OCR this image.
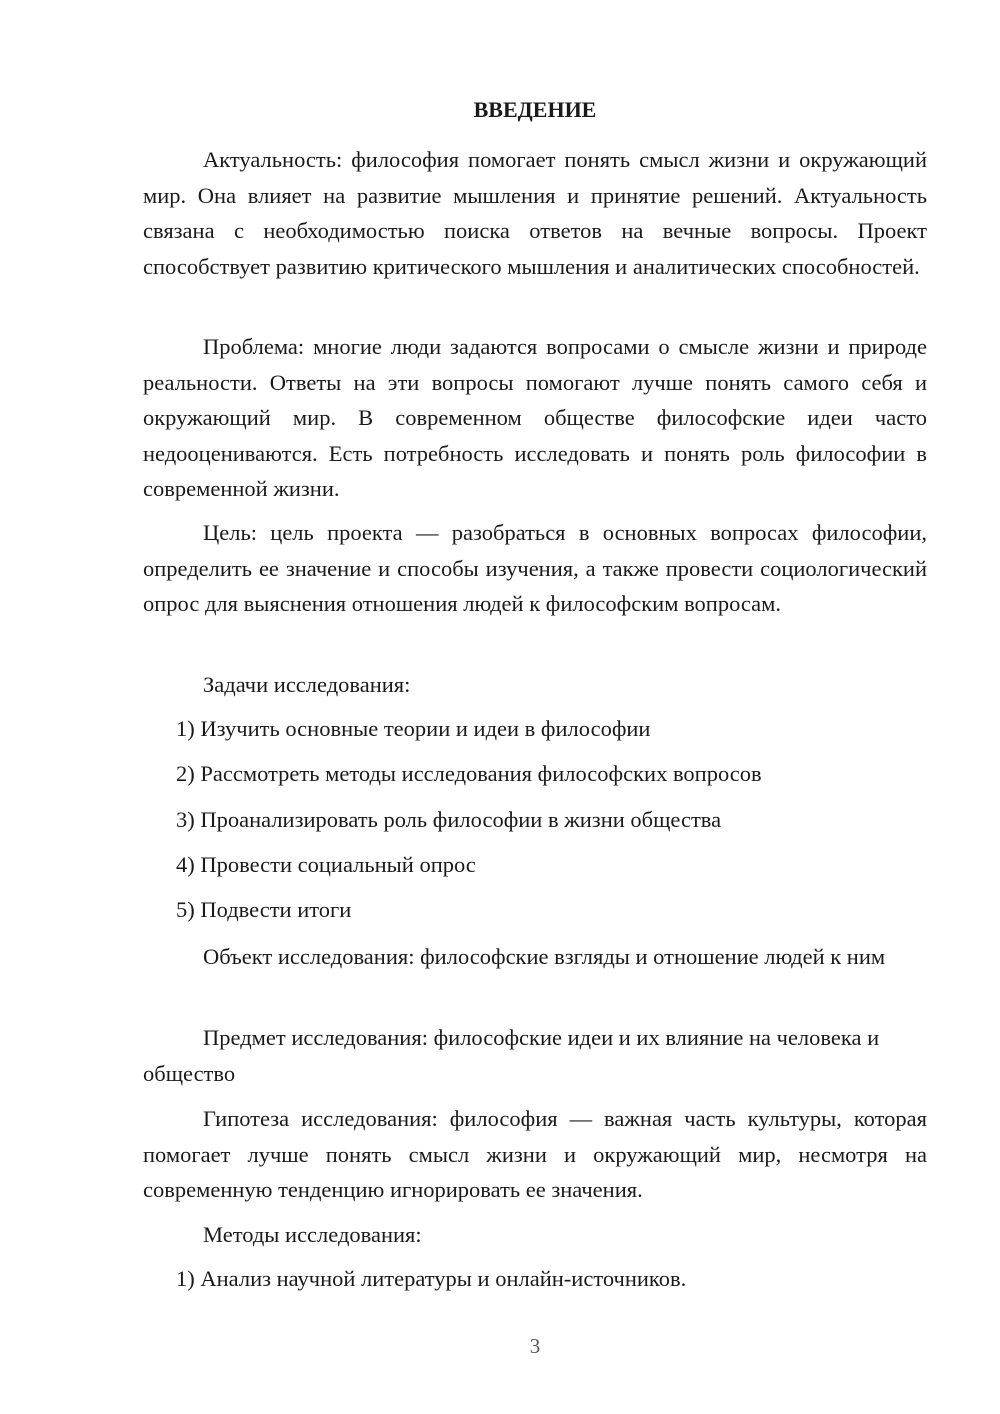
ВВЕДЕНИЕ

Актуальность: философия помогает понять смысл жизни и окружающий мир. Она влияет на развитие мышления и принятие решений. Актуальность связана с необходимостью поиска ответов на вечные вопросы. Проект способствует развитию критического мышления и аналитических способностей.

Проблема: многие люди задаются вопросами о смысле жизни и природе реальности. Ответы на эти вопросы помогают лучше понять самого себя и окружающий мир. В современном обществе философские идеи часто недооцениваются. Есть потребность исследовать и понять роль философии в современной жизни.

Цель: цель проекта — разобраться в основных вопросах философии, определить ее значение и способы изучения, а также провести социологический опрос для выяснения отношения людей к философским вопросам.

Задачи исследования:

1) Изучить основные теории и идеи в философии

2) Рассмотреть методы исследования философских вопросов

3) Проанализировать роль философии в жизни общества

4) Провести социальный опрос

5) Подвести итоги

Объект исследования: философские взгляды и отношение людей к ним

Предмет исследования: философские идеи и их влияние на человека и общество

Гипотеза исследования: философия — важная часть культуры, которая помогает лучше понять смысл жизни и окружающий мир, несмотря на современную тенденцию игнорировать ее значения.

Методы исследования:

1) Анализ научной литературы и онлайн-источников.

3
